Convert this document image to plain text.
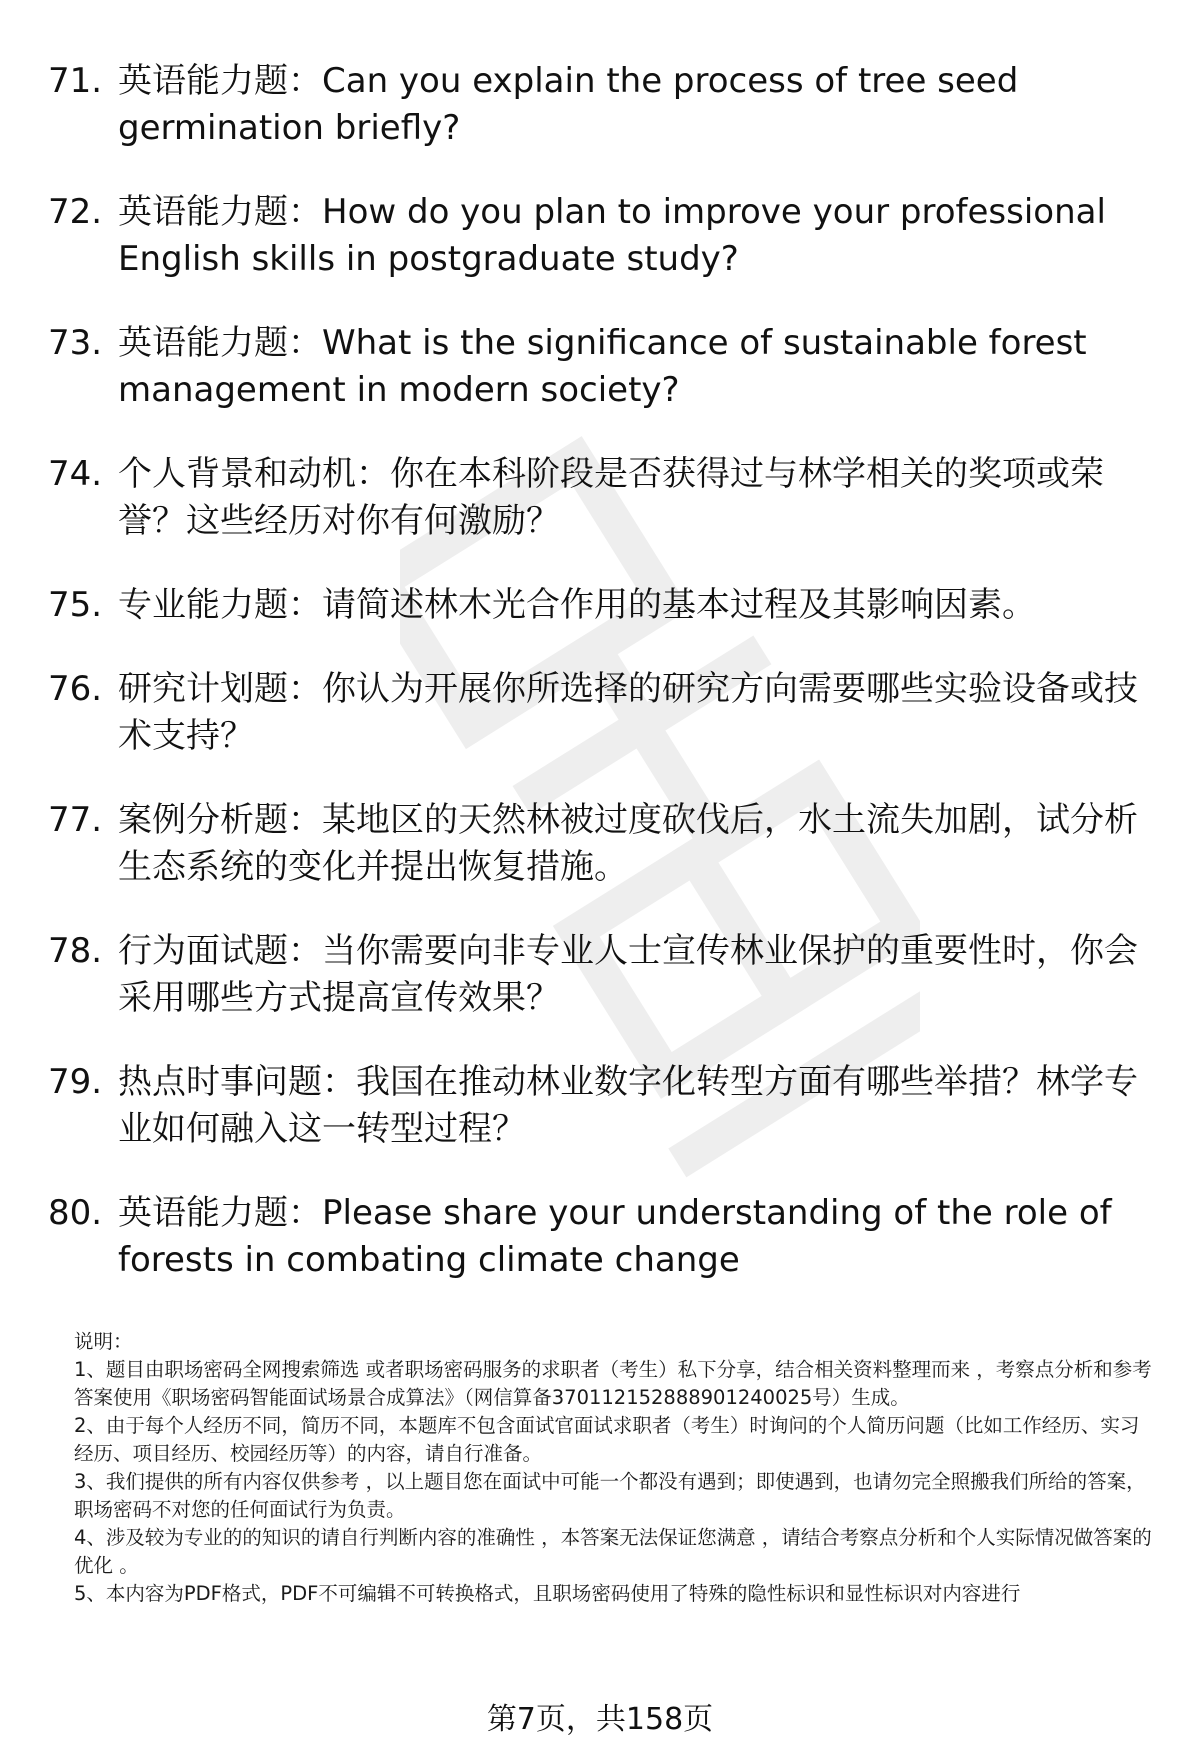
71. 英语能力题：Can you explain the process of tree seed germination briefly?
72. 英语能力题：How do you plan to improve your professional English skills in postgraduate study?
73. 英语能力题：What is the significance of sustainable forest management in modern society?
74. 个人背景和动机：你在本科阶段是否获得过与林学相关的奖项或荣誉？这些经历对你有何激励？
75. 专业能力题：请简述林木光合作用的基本过程及其影响因素。
76. 研究计划题：你认为开展你所选择的研究方向需要哪些实验设备或技术支持？
77. 案例分析题：某地区的天然林被过度砍伐后，水土流失加剧，试分析生态系统的变化并提出恢复措施。
78. 行为面试题：当你需要向非专业人士宣传林业保护的重要性时，你会采用哪些方式提高宣传效果？
79. 热点时事问题：我国在推动林业数字化转型方面有哪些举措？林学专业如何融入这一转型过程？
80. 英语能力题：Please share your understanding of the role of forests in combating climate change

说明：

1、题目由职场密码全网搜索筛选 或者职场密码服务的求职者（考生）私下分享，结合相关资料整理而来 ，考察点分析和参考答案使用《职场密码智能面试场景合成算法》（网信算备370112152888901240025号）生成。

2、由于每个人经历不同，简历不同，本题库不包含面试官面试求职者（考生）时询问的个人简历问题（比如工作经历、实习经历、项目经历、校园经历等）的内容，请自行准备。

3、我们提供的所有内容仅供参考 ，以上题目您在面试中可能一个都没有遇到；即使遇到，也请勿完全照搬我们所给的答案，职场密码不对您的任何面试行为负责。

4、涉及较为专业的的知识的请自行判断内容的准确性 ，本答案无法保证您满意 ，请结合考察点分析和个人实际情况做答案的优化 。

5、本内容为PDF格式，PDF不可编辑不可转换格式，且职场密码使用了特殊的隐性标识和显性标识对内容进行

第7页，共158页
